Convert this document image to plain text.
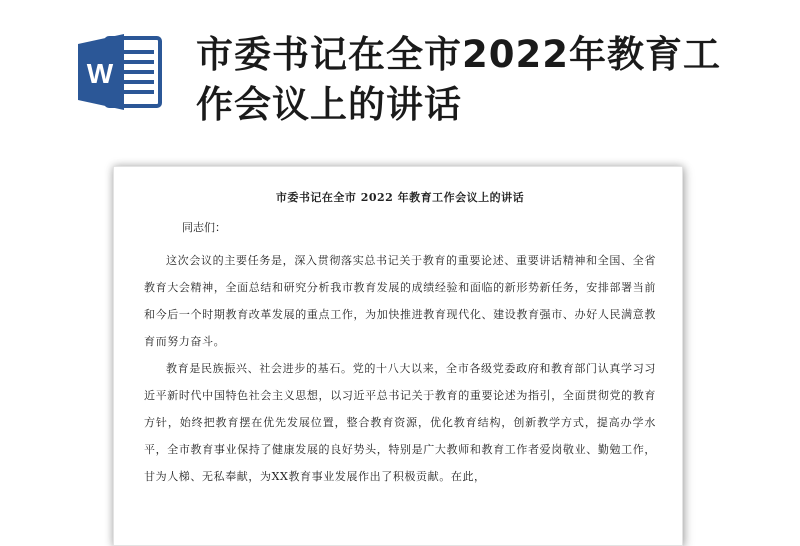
W 市委书记在全市2022年教育工作会议上的讲话
市委书记在全市 2022 年教育工作会议上的讲话
同志们：

这次会议的主要任务是，深入贯彻落实总书记关于教育的重要论述、重要讲话精神和全国、全省教育大会精神，全面总结和研究分析我市教育发展的成绩经验和面临的新形势新任务，安排部署当前和今后一个时期教育改革发展的重点工作，为加快推进教育现代化、建设教育强市、办好人民满意教育而努力奋斗。

教育是民族振兴、社会进步的基石。党的十八大以来，全市各级党委政府和教育部门认真学习习近平新时代中国特色社会主义思想，以习近平总书记关于教育的重要论述为指引，全面贯彻党的教育方针，始终把教育摆在优先发展位置，整合教育资源，优化教育结构，创新教学方式，提高办学水平，全市教育事业保持了健康发展的良好势头，特别是广大教师和教育工作者爱岗敬业、勤勉工作，甘为人梯、无私奉献，为XX教育事业发展作出了积极贡献。在此，
